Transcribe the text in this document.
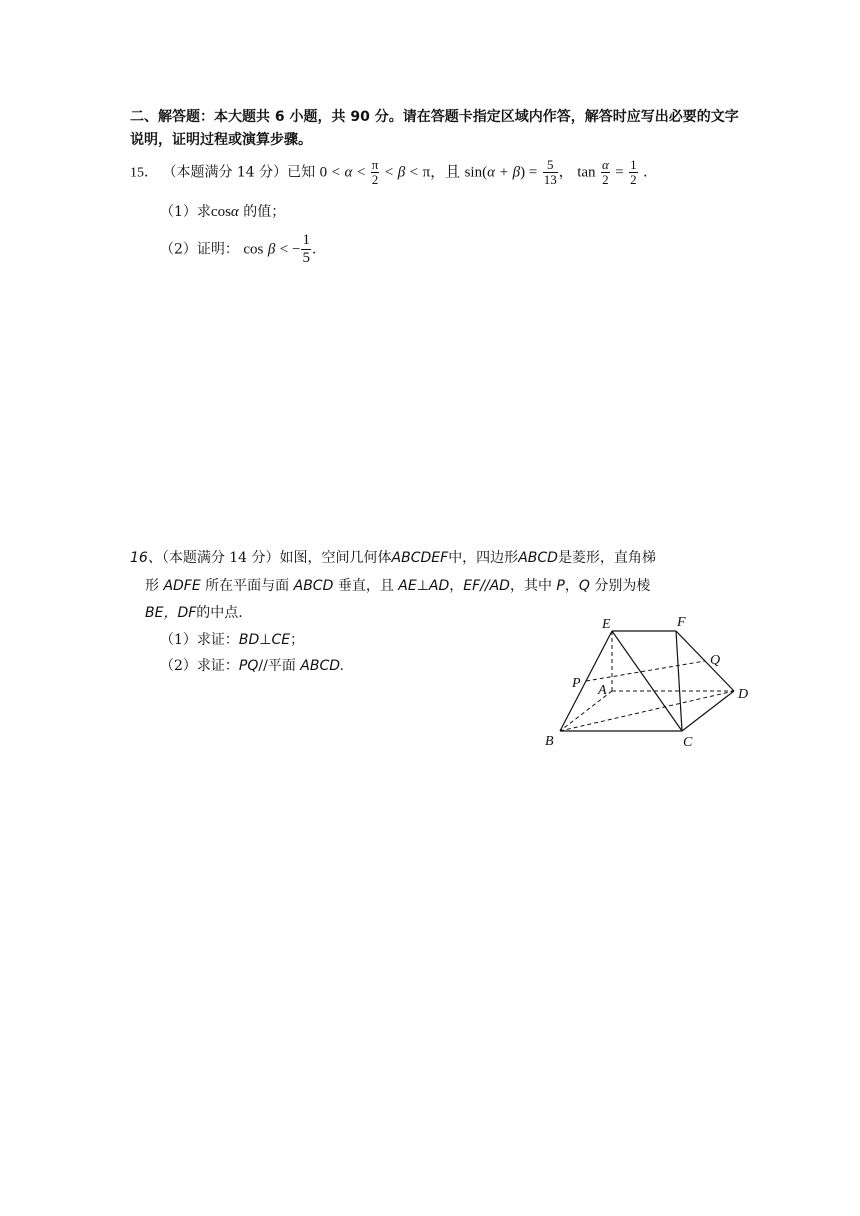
二、解答题：本大题共 6 小题，共 90 分。请在答题卡指定区域内作答，解答时应写出必要的文字说明，证明过程或演算步骤。
15． （本题满分 14 分）已知 $0 < \alpha < \frac{\pi}{2} < \beta < \pi$，且 $\sin(\alpha + \beta) = \frac{5}{13}$ ， $\tan \frac{\alpha}{2} = \frac{1}{2}$ ．
（1）求cosα 的值；
（2）证明： cos β < − $\frac{1}{5}$ ．
16、（本题满分 14 分）如图，空间几何体ABCDEF中，四边形ABCD是菱形，直角梯
形 ADFE 所在平面与面 ABCD 垂直，且 AE⊥AD，EF//AD，其中 P，Q 分别为棱
BE，DF的中点.
（1）求证：BD⊥CE；
（2）求证：PQ//平面 ABCD.
E	F
Q
P A	D
B	C
